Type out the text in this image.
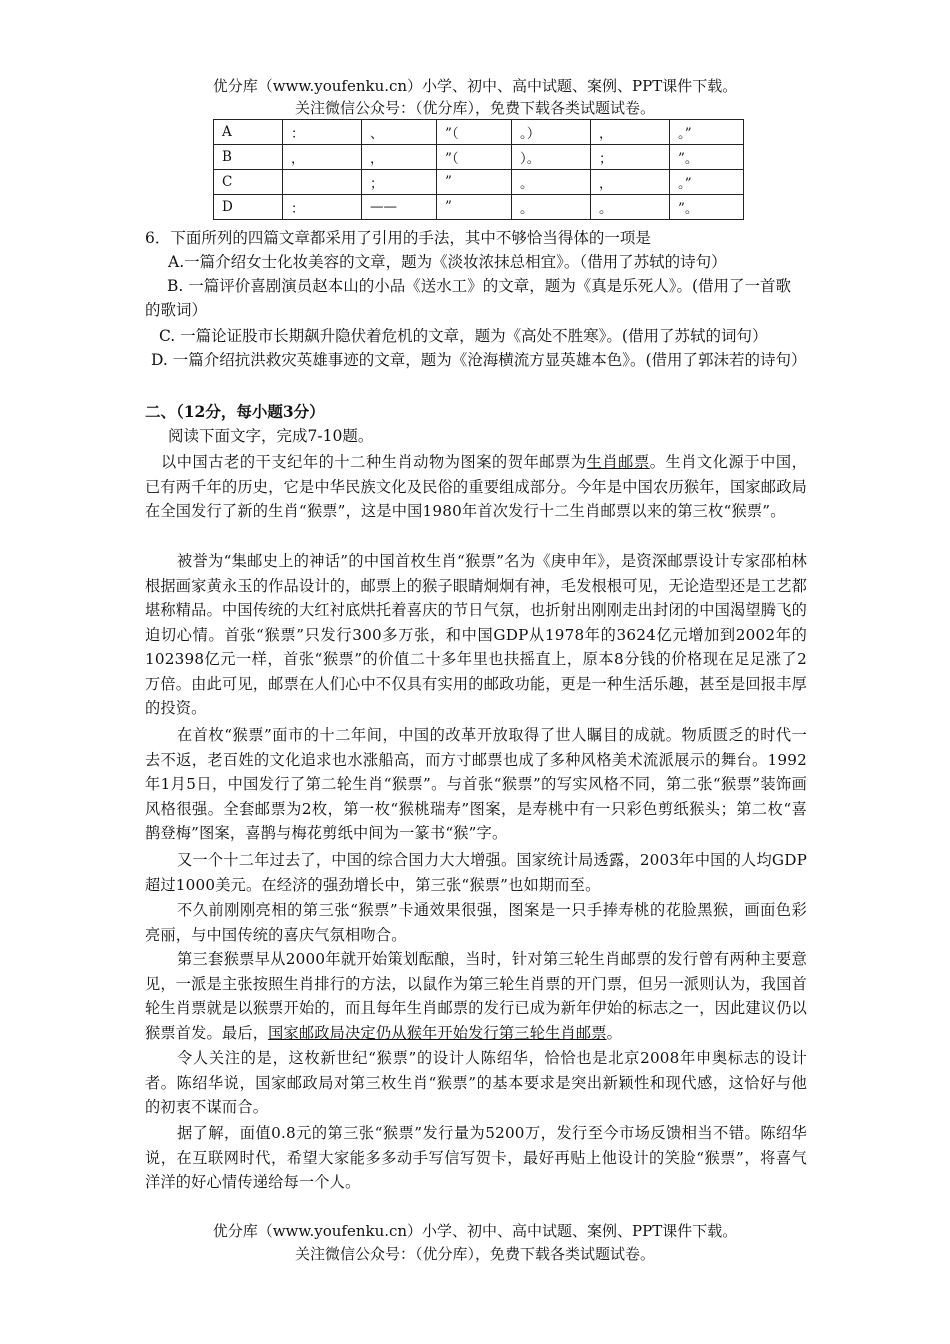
优分库（www.youfenku.cn）小学、初中、高中试题、案例、PPT课件下载。
关注微信公众号：（优分库），免费下载各类试题试卷。
A	：	、	”（	。）	，	。”
B	，	，	”（	）。	；	”。
C		；	”	。	，	。”
D	：	——	”	。	。	”。

6．下面所列的四篇文章都采用了引用的手法，其中不够恰当得体的一项是

A.一篇介绍女士化妆美容的文章，题为《淡妆浓抹总相宜》。（借用了苏轼的诗句）

B. 一篇评价喜剧演员赵本山的小品《送水工》的文章，题为《真是乐死人》。(借用了一首歌的歌词）

C. 一篇论证股市长期飙升隐伏着危机的文章，题为《高处不胜寒》。(借用了苏轼的词句）

D. 一篇介绍抗洪救灾英雄事迹的文章，题为《沧海横流方显英雄本色》。(借用了郭沫若的诗句）

二、（12分，每小题3分）
阅读下面文字，完成7-10题。

以中国古老的干支纪年的十二种生肖动物为图案的贺年邮票为生肖邮票。生肖文化源于中国，已有两千年的历史，它是中华民族文化及民俗的重要组成部分。今年是中国农历猴年，国家邮政局在全国发行了新的生肖“猴票”，这是中国1980年首次发行十二生肖邮票以来的第三枚“猴票”。

被誉为“集邮史上的神话”的中国首枚生肖“猴票”名为《庚申年》，是资深邮票设计专家邵柏林根据画家黄永玉的作品设计的，邮票上的猴子眼睛炯炯有神，毛发根根可见，无论造型还是工艺都堪称精品。中国传统的大红衬底烘托着喜庆的节日气氛，也折射出刚刚走出封闭的中国渴望腾飞的迫切心情。首张“猴票”只发行300多万张，和中国GDP从1978年的3624亿元增加到2002年的102398亿元一样，首张“猴票”的价值二十多年里也扶摇直上，原本8分钱的价格现在足足涨了2万倍。由此可见，邮票在人们心中不仅具有实用的邮政功能，更是一种生活乐趣，甚至是回报丰厚的投资。

在首枚“猴票”面市的十二年间，中国的改革开放取得了世人瞩目的成就。物质匮乏的时代一去不返，老百姓的文化追求也水涨船高，而方寸邮票也成了多种风格美术流派展示的舞台。1992年1月5日，中国发行了第二轮生肖“猴票”。与首张“猴票”的写实风格不同，第二张“猴票”装饰画风格很强。全套邮票为2枚，第一枚“猴桃瑞寿”图案，是寿桃中有一只彩色剪纸猴头；第二枚“喜鹊登梅”图案，喜鹊与梅花剪纸中间为一篆书“猴”字。

又一个十二年过去了，中国的综合国力大大增强。国家统计局透露，2003年中国的人均GDP超过1000美元。在经济的强劲增长中，第三张“猴票”也如期而至。

不久前刚刚亮相的第三张“猴票”卡通效果很强，图案是一只手捧寿桃的花脸黑猴，画面色彩亮丽，与中国传统的喜庆气氛相吻合。

第三套猴票早从2000年就开始策划酝酿，当时，针对第三轮生肖邮票的发行曾有两种主要意见，一派是主张按照生肖排行的方法，以鼠作为第三轮生肖票的开门票，但另一派则认为，我国首轮生肖票就是以猴票开始的，而且每年生肖邮票的发行已成为新年伊始的标志之一，因此建议仍以猴票首发。最后，国家邮政局决定仍从猴年开始发行第三轮生肖邮票。

令人关注的是，这枚新世纪“猴票”的设计人陈绍华，恰恰也是北京2008年申奥标志的设计者。陈绍华说，国家邮政局对第三枚生肖“猴票”的基本要求是突出新颖性和现代感，这恰好与他的初衷不谋而合。

据了解，面值0.8元的第三张“猴票”发行量为5200万，发行至今市场反馈相当不错。陈绍华说，在互联网时代，希望大家能多多动手写信写贺卡，最好再贴上他设计的笑脸“猴票”，将喜气洋洋的好心情传递给每一个人。

优分库（www.youfenku.cn）小学、初中、高中试题、案例、PPT课件下载。
关注微信公众号：（优分库），免费下载各类试题试卷。
